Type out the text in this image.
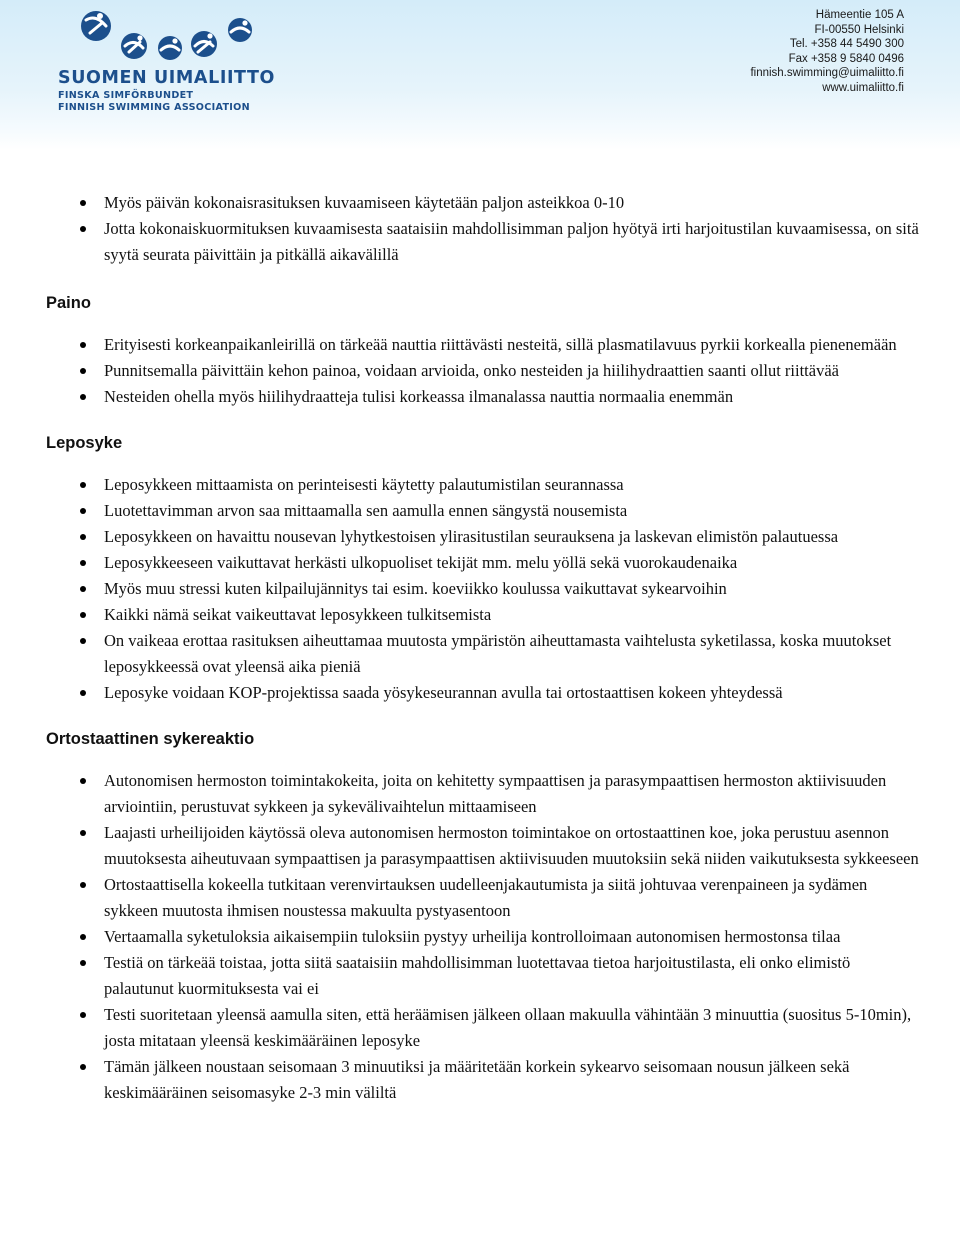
SUOMEN UIMALIITTO
FINSKA SIMFÖRBUNDET
FINNISH SWIMMING ASSOCIATION
Hämeentie 105 A
FI-00550 Helsinki
Tel. +358 44 5490 300
Fax +358 9 5840 0496
finnish.swimming@uimaliitto.fi
www.uimaliitto.fi
Myös päivän kokonaisrasituksen kuvaamiseen käytetään paljon asteikkoa 0-10
Jotta kokonaiskuormituksen kuvaamisesta saataisiin mahdollisimman paljon hyötyä irti harjoitustilan kuvaamisessa, on sitä syytä seurata päivittäin ja pitkällä aikavälillä
Paino
Erityisesti korkeanpaikanleirillä on tärkeää nauttia riittävästi nesteitä, sillä plasmatilavuus pyrkii korkealla pienenemään
Punnitsemalla päivittäin kehon painoa, voidaan arvioida, onko nesteiden ja hiilihydraattien saanti ollut riittävää
Nesteiden ohella myös hiilihydraatteja tulisi korkeassa ilmanalassa nauttia normaalia enemmän
Leposyke
Leposykkeen mittaamista on perinteisesti käytetty palautumistilan seurannassa
Luotettavimman arvon saa mittaamalla sen aamulla ennen sängystä nousemista
Leposykkeen on havaittu nousevan lyhytkestoisen ylirasitustilan seurauksena ja laskevan elimistön palautuessa
Leposykkeeseen vaikuttavat herkästi ulkopuoliset tekijät mm. melu yöllä sekä vuorokaudenaika
Myös muu stressi kuten kilpailujännitys tai esim. koeviikko koulussa vaikuttavat sykearvoihin
Kaikki nämä seikat vaikeuttavat leposykkeen tulkitsemista
On vaikeaa erottaa rasituksen aiheuttamaa muutosta ympäristön aiheuttamasta vaihtelusta syketilassa, koska muutokset leposykkeessä ovat yleensä aika pieniä
Leposyke voidaan KOP-projektissa saada yösykeseurannan avulla tai ortostaattisen kokeen yhteydessä
Ortostaattinen sykereaktio
Autonomisen hermoston toimintakokeita, joita on kehitetty sympaattisen ja parasympaattisen hermoston aktiivisuuden arviointiin, perustuvat sykkeen ja sykevälivaihtelun mittaamiseen
Laajasti urheilijoiden käytössä oleva autonomisen hermoston toimintakoe on ortostaattinen koe, joka perustuu asennon muutoksesta aiheutuvaan sympaattisen ja parasympaattisen aktiivisuuden muutoksiin sekä niiden vaikutuksesta sykkeeseen
Ortostaattisella kokeella tutkitaan verenvirtauksen uudelleenjakautumista ja siitä johtuvaa verenpaineen ja sydämen sykkeen muutosta ihmisen noustessa makuulta pystyasentoon
Vertaamalla syketuloksia aikaisempiin tuloksiin pystyy urheilija kontrolloimaan autonomisen hermostonsa tilaa
Testiä on tärkeää toistaa, jotta siitä saataisiin mahdollisimman luotettavaa tietoa harjoitustilasta, eli onko elimistö palautunut kuormituksesta vai ei
Testi suoritetaan yleensä aamulla siten, että heräämisen jälkeen ollaan makuulla vähintään 3 minuuttia (suositus 5-10min), josta mitataan yleensä keskimääräinen leposyke
Tämän jälkeen noustaan seisomaan 3 minuutiksi ja määritetään korkein sykearvo seisomaan nousun jälkeen sekä keskimääräinen seisomasyke 2-3 min väliltä
